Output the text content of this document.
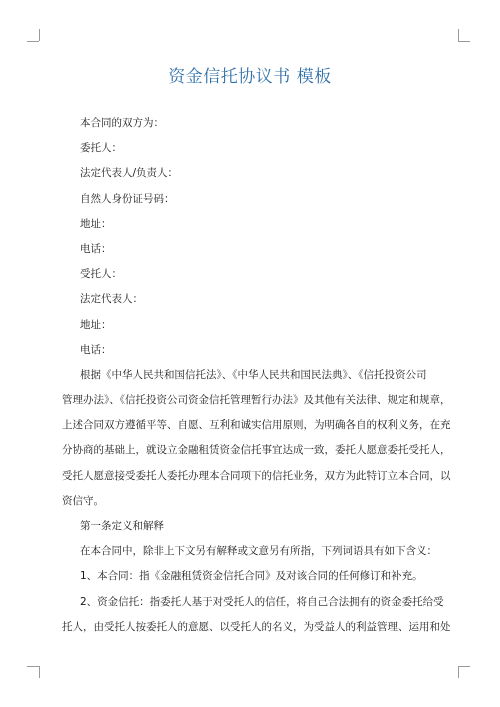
资金信托协议书 模板
本合同的双方为：
委托人：
法定代表人/负责人：
自然人身份证号码：
地址：
电话：
受托人：
法定代表人：
地址：
电话：
根据《中华人民共和国信托法》、《中华人民共和国民法典》、《信托投资公司
管理办法》、《信托投资公司资金信托管理暂行办法》及其他有关法律、规定和规章，
上述合同双方遵循平等、自愿、互利和诚实信用原则，为明确各自的权利义务，在充
分协商的基础上，就设立金融租赁资金信托事宜达成一致，委托人愿意委托受托人，
受托人愿意接受委托人委托办理本合同项下的信托业务，双方为此特订立本合同，以
资信守。
第一条定义和解释
在本合同中，除非上下文另有解释或文意另有所指，下列词语具有如下含义：
1、本合同：指《金融租赁资金信托合同》及对该合同的任何修订和补充。
2、资金信托：指委托人基于对受托人的信任，将自己合法拥有的资金委托给受
托人，由受托人按委托人的意愿、以受托人的名义，为受益人的利益管理、运用和处
